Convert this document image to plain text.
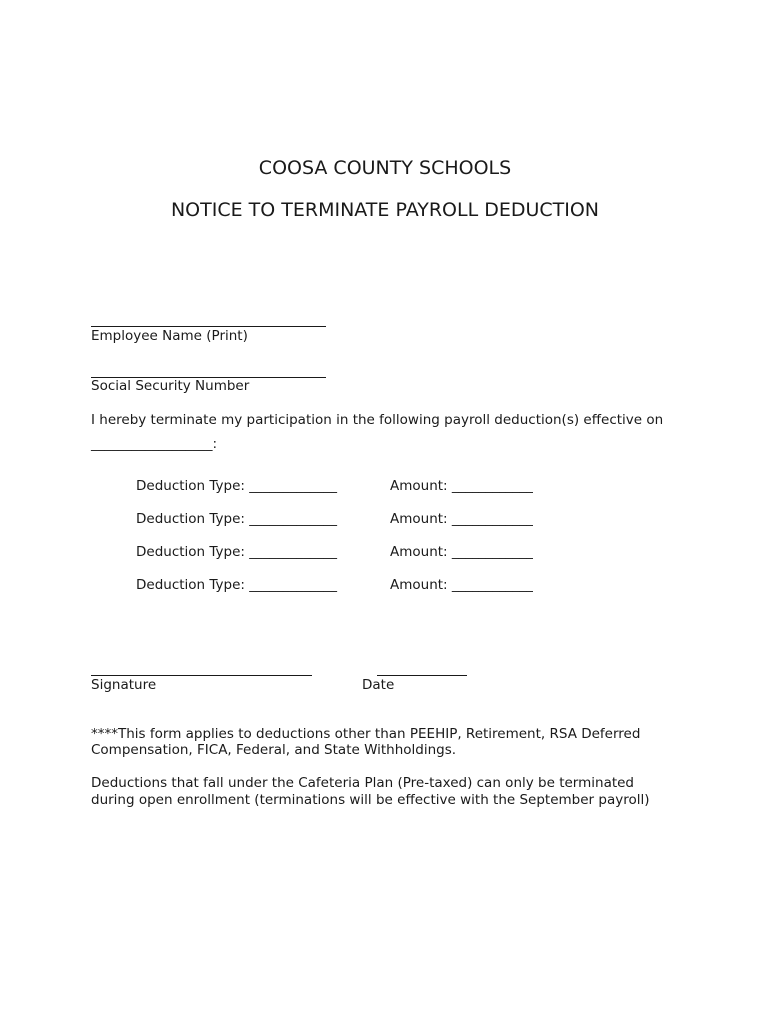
COOSA COUNTY SCHOOLS
NOTICE TO TERMINATE PAYROLL DEDUCTION
Employee Name (Print)
Social Security Number
I hereby terminate my participation in the following payroll deduction(s) effective on
__________________:
Deduction Type: _____________	Amount: ____________
Deduction Type: _____________	Amount: ____________
Deduction Type: _____________	Amount: ____________
Deduction Type: _____________	Amount: ____________
Signature	Date
****This form applies to deductions other than PEEHIP, Retirement, RSA Deferred
Compensation, FICA, Federal, and State Withholdings.
Deductions that fall under the Cafeteria Plan (Pre-taxed) can only be terminated
during open enrollment (terminations will be effective with the September payroll)
